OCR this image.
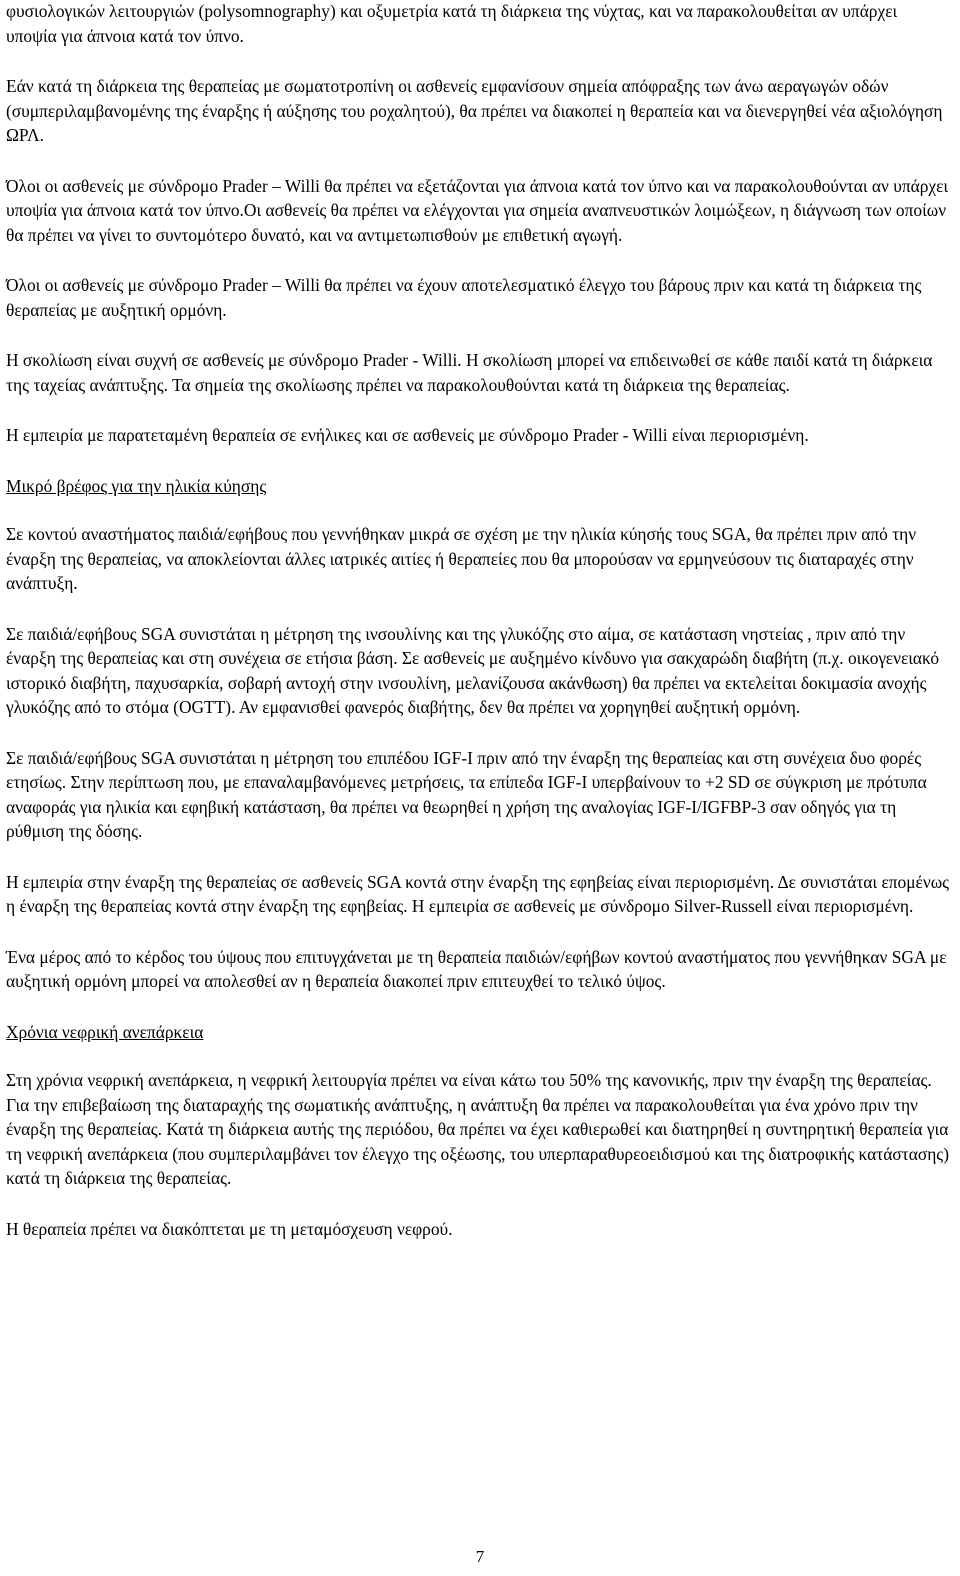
φυσιολογικών λειτουργιών (polysomnography) και οξυμετρία κατά τη διάρκεια της νύχτας, και να παρακολουθείται αν υπάρχει υποψία για άπνοια κατά τον ύπνο.

Εάν κατά τη διάρκεια της θεραπείας με σωματοτροπίνη οι ασθενείς εμφανίσουν σημεία απόφραξης των άνω αεραγωγών οδών (συμπεριλαμβανομένης της έναρξης ή αύξησης του ροχαλητού), θα πρέπει να διακοπεί η θεραπεία και να διενεργηθεί νέα αξιολόγηση ΩΡΛ.

Όλοι οι ασθενείς με σύνδρομο Prader – Willi θα πρέπει να εξετάζονται για άπνοια κατά τον ύπνο και να παρακολουθούνται αν υπάρχει υποψία για άπνοια κατά τον ύπνο.Οι ασθενείς θα πρέπει να ελέγχονται για σημεία αναπνευστικών λοιμώξεων, η διάγνωση των οποίων θα πρέπει να γίνει το συντομότερο δυνατό, και να αντιμετωπισθούν με επιθετική αγωγή.

Όλοι οι ασθενείς με σύνδρομο Prader – Willi θα πρέπει να έχουν αποτελεσματικό έλεγχο του βάρους πριν και κατά τη διάρκεια της θεραπείας με αυξητική ορμόνη.

Η σκολίωση είναι συχνή σε ασθενείς με σύνδρομο Prader - Willi. Η σκολίωση μπορεί να επιδεινωθεί σε κάθε παιδί κατά τη διάρκεια της ταχείας ανάπτυξης. Τα σημεία της σκολίωσης πρέπει να παρακολουθούνται κατά τη διάρκεια της θεραπείας.

Η εμπειρία με παρατεταμένη θεραπεία σε ενήλικες και σε ασθενείς με σύνδρομο Prader - Willi είναι περιορισμένη.

Μικρό βρέφος για την ηλικία κύησης

Σε κοντού αναστήματος παιδιά/εφήβους που γεννήθηκαν μικρά σε σχέση με την ηλικία κύησής τους SGA, θα πρέπει πριν από την έναρξη της θεραπείας, να αποκλείονται άλλες ιατρικές αιτίες ή θεραπείες που θα μπορούσαν να ερμηνεύσουν τις διαταραχές στην ανάπτυξη.

Σε παιδιά/εφήβους SGA συνιστάται η μέτρηση της ινσουλίνης και της γλυκόζης στο αίμα, σε κατάσταση νηστείας , πριν από την έναρξη της θεραπείας και στη συνέχεια σε ετήσια βάση. Σε ασθενείς με αυξημένο κίνδυνο για σακχαρώδη διαβήτη (π.χ. οικογενειακό ιστορικό διαβήτη, παχυσαρκία, σοβαρή αντοχή στην ινσουλίνη, μελανίζουσα ακάνθωση) θα πρέπει να εκτελείται δοκιμασία ανοχής γλυκόζης από το στόμα (OGTT). Αν εμφανισθεί φανερός διαβήτης, δεν θα πρέπει να χορηγηθεί αυξητική ορμόνη.

Σε παιδιά/εφήβους SGA συνιστάται η μέτρηση του επιπέδου IGF-I πριν από την έναρξη της θεραπείας και στη συνέχεια δυο φορές ετησίως. Στην περίπτωση που, με επαναλαμβανόμενες μετρήσεις, τα επίπεδα IGF-I υπερβαίνουν το +2 SD σε σύγκριση με πρότυπα αναφοράς για ηλικία και εφηβική κατάσταση, θα πρέπει να θεωρηθεί η χρήση της αναλογίας IGF-I/IGFBP-3 σαν οδηγός για τη ρύθμιση της δόσης.

Η εμπειρία στην έναρξη της θεραπείας σε ασθενείς SGA κοντά στην έναρξη της εφηβείας είναι περιορισμένη. Δε συνιστάται επομένως η έναρξη της θεραπείας κοντά στην έναρξη της εφηβείας. Η εμπειρία σε ασθενείς με σύνδρομο Silver-Russell είναι περιορισμένη.

Ένα μέρος από το κέρδος του ύψους που επιτυγχάνεται με τη θεραπεία παιδιών/εφήβων κοντού αναστήματος που γεννήθηκαν SGA με αυξητική ορμόνη μπορεί να απολεσθεί αν η θεραπεία διακοπεί πριν επιτευχθεί το τελικό ύψος.

Χρόνια νεφρική ανεπάρκεια

Στη χρόνια νεφρική ανεπάρκεια, η νεφρική λειτουργία πρέπει να είναι κάτω του 50% της κανονικής, πριν την έναρξη της θεραπείας. Για την επιβεβαίωση της διαταραχής της σωματικής ανάπτυξης, η ανάπτυξη θα πρέπει να παρακολουθείται για ένα χρόνο πριν την έναρξη της θεραπείας. Κατά τη διάρκεια αυτής της περιόδου, θα πρέπει να έχει καθιερωθεί και διατηρηθεί η συντηρητική θεραπεία για τη νεφρική ανεπάρκεια (που συμπεριλαμβάνει τον έλεγχο της οξέωσης, του υπερπαραθυρεοειδισμού και της διατροφικής κατάστασης) κατά τη διάρκεια της θεραπείας.

Η θεραπεία πρέπει να διακόπτεται με τη μεταμόσχευση νεφρού.

7
